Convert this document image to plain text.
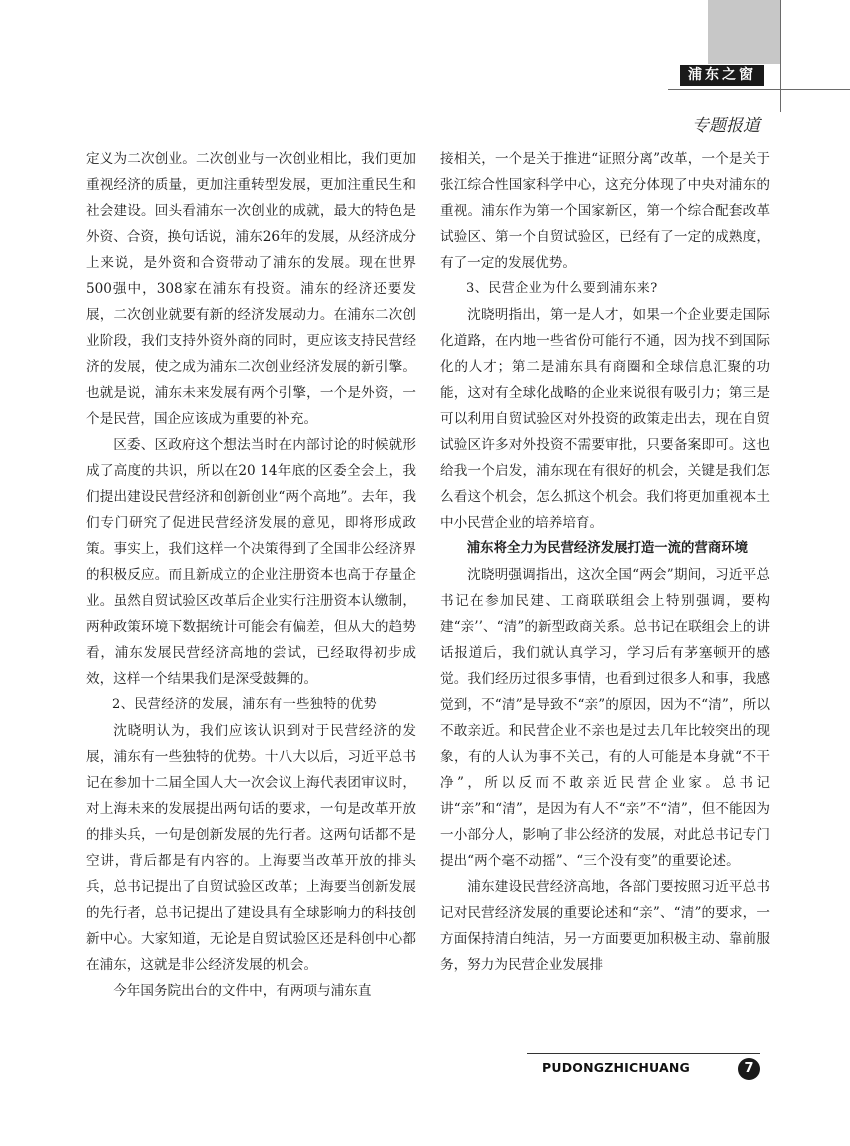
浦东之窗
专题报道

定义为二次创业。二次创业与一次创业相比，我们更加重视经济的质量，更加注重转型发展，更加注重民生和社会建设。回头看浦东一次创业的成就，最大的特色是外资、合资，换句话说，浦东26年的发展，从经济成分上来说，是外资和合资带动了浦东的发展。现在世界500强中，308家在浦东有投资。浦东的经济还要发展，二次创业就要有新的经济发展动力。在浦东二次创业阶段，我们支持外资外商的同时，更应该支持民营经济的发展，使之成为浦东二次创业经济发展的新引擎。也就是说，浦东未来发展有两个引擎，一个是外资，一个是民营，国企应该成为重要的补充。

区委、区政府这个想法当时在内部讨论的时候就形成了高度的共识，所以在20 14年底的区委全会上，我们提出建设民营经济和创新创业“两个高地”。去年，我们专门研究了促进民营经济发展的意见，即将形成政策。事实上，我们这样一个决策得到了全国非公经济界的积极反应。而且新成立的企业注册资本也高于存量企业。虽然自贸试验区改革后企业实行注册资本认缴制，两种政策环境下数据统计可能会有偏差，但从大的趋势看，浦东发展民营经济高地的尝试，已经取得初步成效，这样一个结果我们是深受鼓舞的。

2、民营经济的发展，浦东有一些独特的优势

沈晓明认为，我们应该认识到对于民营经济的发展，浦东有一些独特的优势。十八大以后，习近平总书记在参加十二届全国人大一次会议上海代表团审议时，对上海未来的发展提出两句话的要求，一句是改革开放的排头兵，一句是创新发展的先行者。这两句话都不是空讲，背后都是有内容的。上海要当改革开放的排头兵，总书记提出了自贸试验区改革；上海要当创新发展的先行者，总书记提出了建设具有全球影响力的科技创新中心。大家知道，无论是自贸试验区还是科创中心都在浦东，这就是非公经济发展的机会。

今年国务院出台的文件中，有两项与浦东直

接相关，一个是关于推进“证照分离”改革，一个是关于张江综合性国家科学中心，这充分体现了中央对浦东的重视。浦东作为第一个国家新区，第一个综合配套改革试验区、第一个自贸试验区，已经有了一定的成熟度，有了一定的发展优势。

3、民营企业为什么要到浦东来?

沈晓明指出，第一是人才，如果一个企业要走国际化道路，在内地一些省份可能行不通，因为找不到国际化的人才；第二是浦东具有商圈和全球信息汇聚的功能，这对有全球化战略的企业来说很有吸引力；第三是可以利用自贸试验区对外投资的政策走出去，现在自贸试验区许多对外投资不需要审批，只要备案即可。这也给我一个启发，浦东现在有很好的机会，关键是我们怎么看这个机会，怎么抓这个机会。我们将更加重视本土中小民营企业的培养培育。

浦东将全力为民营经济发展打造一流的营商环境

沈晓明强调指出，这次全国“两会”期间，习近平总书记在参加民建、工商联联组会上特别强调，要构建“亲’’、“清”的新型政商关系。总书记在联组会上的讲话报道后，我们就认真学习，学习后有茅塞顿开的感觉。我们经历过很多事情，也看到过很多人和事，我感觉到，不“清”是导致不“亲”的原因，因为不“清”，所以不敢亲近。和民营企业不亲也是过去几年比较突出的现象，有的人认为事不关己，有的人可能是本身就“不干净”，所以反而不敢亲近民营企业家。总书记讲“亲”和“清”，是因为有人不“亲”不“清”，但不能因为一小部分人，影响了非公经济的发展，对此总书记专门提出“两个毫不动摇”、“三个没有变”的重要论述。

浦东建设民营经济高地，各部门要按照习近平总书记对民营经济发展的重要论述和“亲”、“清”的要求，一方面保持清白纯洁，另一方面要更加积极主动、靠前服务，努力为民营企业发展排

PUDONGZHICHUANG	7
